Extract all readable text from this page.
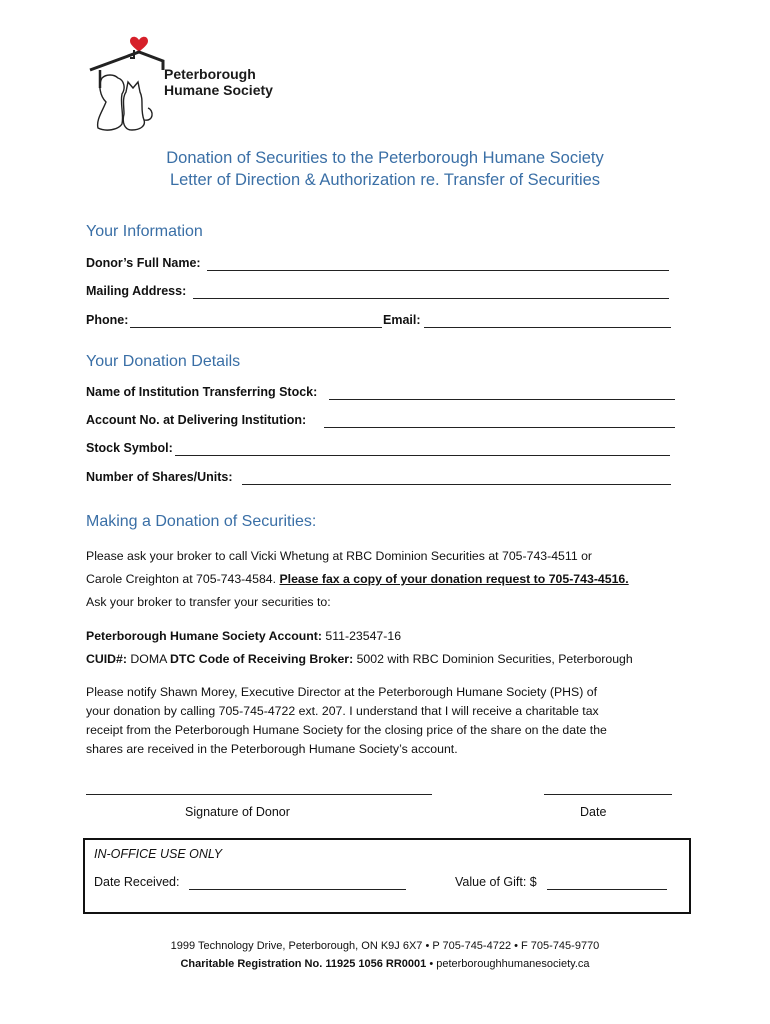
Peterborough
Humane Society
Donation of Securities to the Peterborough Humane Society
Letter of Direction & Authorization re. Transfer of Securities
Your Information
Donor’s Full Name:
Mailing Address:
Phone:	Email:
Your Donation Details
Name of Institution Transferring Stock:
Account No. at Delivering Institution:
Stock Symbol:
Number of Shares/Units:
Making a Donation of Securities:
Please ask your broker to call Vicki Whetung at RBC Dominion Securities at 705-743-4511 or
Carole Creighton at 705-743-4584. Please fax a copy of your donation request to 705-743-4516.
Ask your broker to transfer your securities to:
Peterborough Humane Society Account: 511-23547-16
CUID#: DOMA DTC Code of Receiving Broker: 5002 with RBC Dominion Securities, Peterborough
Please notify Shawn Morey, Executive Director at the Peterborough Humane Society (PHS) of
your donation by calling 705-745-4722 ext. 207. I understand that I will receive a charitable tax
receipt from the Peterborough Humane Society for the closing price of the share on the date the
shares are received in the Peterborough Humane Society’s account.
Signature of Donor	Date
IN-OFFICE USE ONLY
Date Received:	Value of Gift: $
1999 Technology Drive, Peterborough, ON K9J 6X7 • P 705-745-4722 • F 705-745-9770
Charitable Registration No. 11925 1056 RR0001 • peterboroughhumanesociety.ca
